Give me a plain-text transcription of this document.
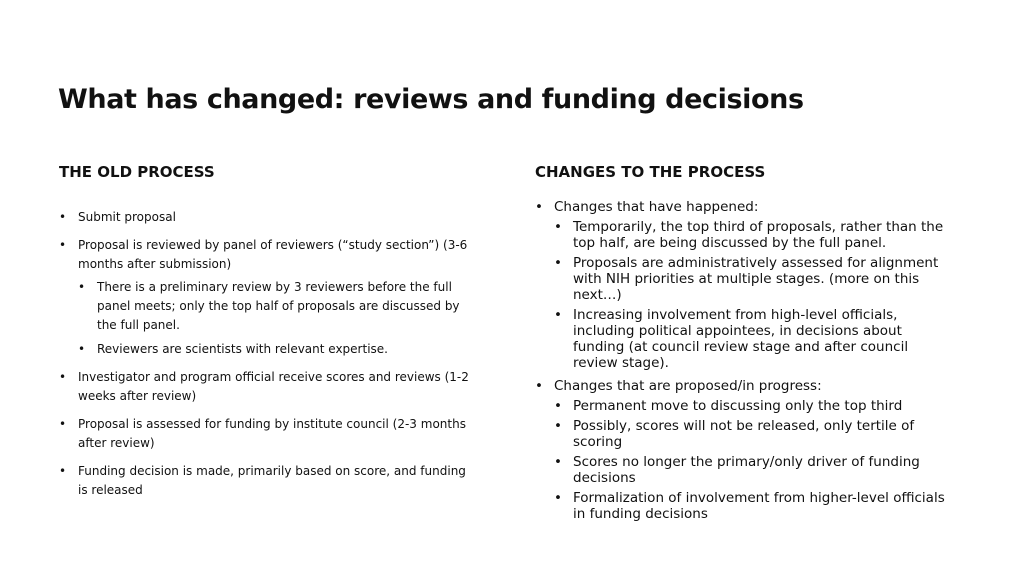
What has changed: reviews and funding decisions
THE OLD PROCESS
• Submit proposal
• Proposal is reviewed by panel of reviewers (“study section”) (3-6 months after submission)
• There is a preliminary review by 3 reviewers before the full panel meets; only the top half of proposals are discussed by the full panel.
• Reviewers are scientists with relevant expertise.
• Investigator and program official receive scores and reviews (1-2 weeks after review)
• Proposal is assessed for funding by institute council (2-3 months after review)
• Funding decision is made, primarily based on score, and funding is released
CHANGES TO THE PROCESS
• Changes that have happened:
• Temporarily, the top third of proposals, rather than the top half, are being discussed by the full panel.
• Proposals are administratively assessed for alignment with NIH priorities at multiple stages. (more on this next…)
• Increasing involvement from high-level officials, including political appointees, in decisions about funding (at council review stage and after council review stage).
• Changes that are proposed/in progress:
• Permanent move to discussing only the top third
• Possibly, scores will not be released, only tertile of scoring
• Scores no longer the primary/only driver of funding decisions
• Formalization of involvement from higher-level officials in funding decisions
